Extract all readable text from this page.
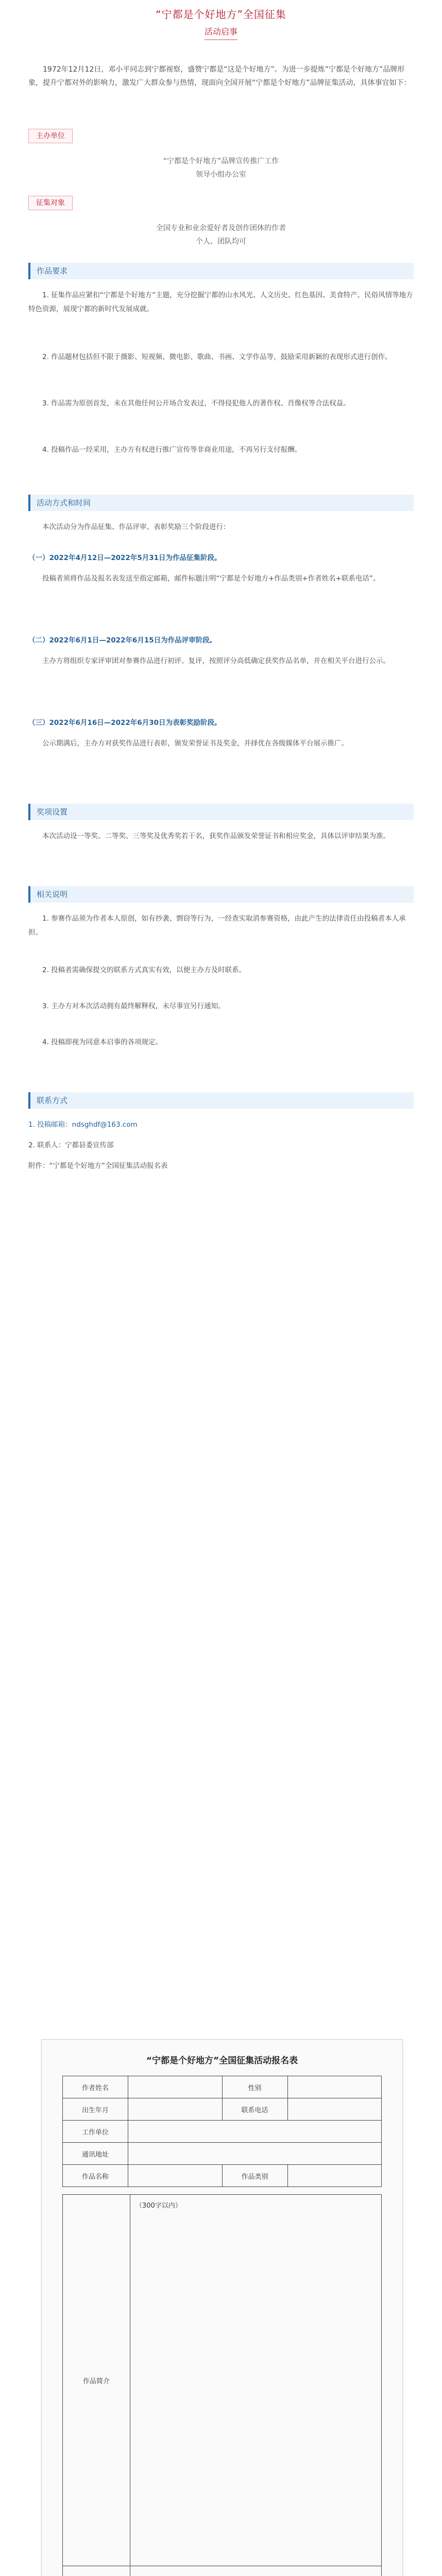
“宁都是个好地方”全国征集
活动启事
1972年12月12日，邓小平同志到宁都视察，盛赞宁都是“这是个好地方”。为进一步提炼“宁都是个好地方”品牌形象，提升宁都对外的影响力，激发广大群众参与热情，现面向全国开展“宁都是个好地方”品牌征集活动，具体事宜如下：
主办单位
“宁都是个好地方”品牌宣传推广工作
领导小组办公室
征集对象
全国专业和业余爱好者及创作团体的作者
个人、团队均可
作品要求
1. 征集作品应紧扣“宁都是个好地方”主题，充分挖掘宁都的山水风光、人文历史、红色基因、美食特产、民俗风情等地方特色资源，展现宁都的新时代发展成就。
2. 作品题材包括但不限于摄影、短视频、微电影、歌曲、书画、文学作品等，鼓励采用新颖的表现形式进行创作。
3. 作品需为原创首发，未在其他任何公开场合发表过，不得侵犯他人的著作权、肖像权等合法权益。
4. 投稿作品一经采用，主办方有权进行推广宣传等非商业用途，不再另行支付报酬。
活动方式和时间
本次活动分为作品征集、作品评审、表彰奖励三个阶段进行：
（一）2022年4月12日—2022年5月31日为作品征集阶段。
投稿者须将作品及报名表发送至指定邮箱，邮件标题注明“宁都是个好地方+作品类别+作者姓名+联系电话”。
（二）2022年6月1日—2022年6月15日为作品评审阶段。
主办方将组织专家评审团对参赛作品进行初评、复评，按照评分高低确定获奖作品名单，并在相关平台进行公示。
（三）2022年6月16日—2022年6月30日为表彰奖励阶段。
公示期满后，主办方对获奖作品进行表彰，颁发荣誉证书及奖金，并择优在各级媒体平台展示推广。
奖项设置
本次活动设一等奖、二等奖、三等奖及优秀奖若干名，获奖作品颁发荣誉证书和相应奖金，具体以评审结果为准。
相关说明
1. 参赛作品须为作者本人原创，如有抄袭、剽窃等行为，一经查实取消参赛资格，由此产生的法律责任由投稿者本人承担。
2. 投稿者需确保提交的联系方式真实有效，以便主办方及时联系。
3. 主办方对本次活动拥有最终解释权，未尽事宜另行通知。
4. 投稿即视为同意本启事的各项规定。
联系方式
1. 投稿邮箱：ndsghdf@163.com
2. 联系人：宁都县委宣传部
附件：“宁都是个好地方”全国征集活动报名表
“宁都是个好地方”全国征集活动报名表
作者姓名		性别	
出生年月		联系电话	
工作单位			
通讯地址			
作品名称		作品类别	
作品简介	（300字以内）
